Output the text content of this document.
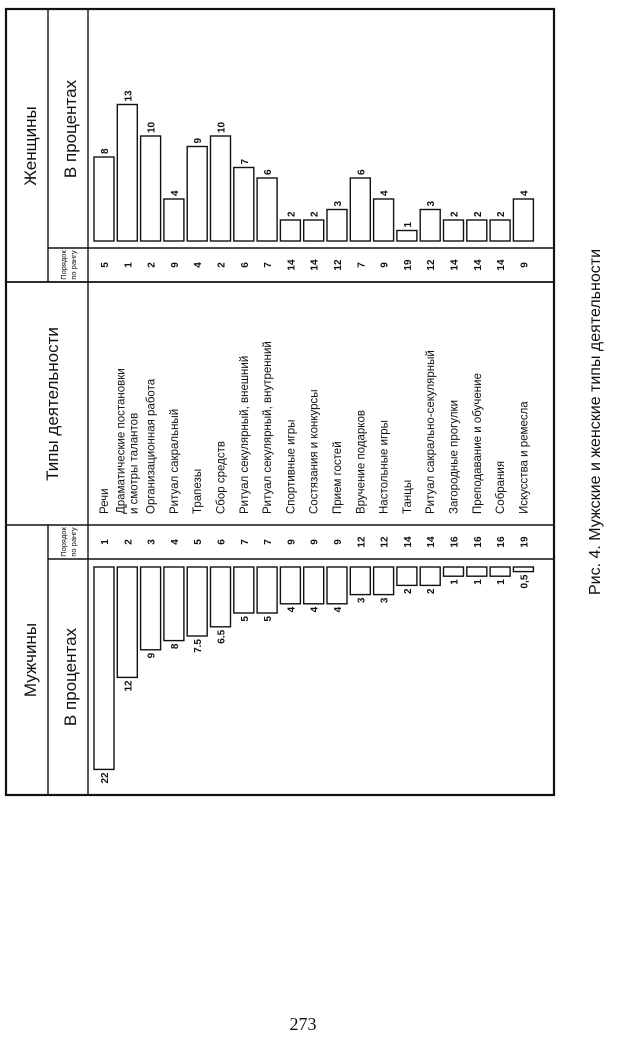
Мужчины
Женщины
Типы деятельности
В процентах
В процентах
Порядок по рангу
Порядок по рангу
22
1
Речи
5
8
12
2
Драматические постановки и смотры талантов
1
13
9
3
Организационная работа
2
10
8
4
Ритуал сакральный
9
4
7.5
5
Трапезы
4
9
6.5
6
Сбор средств
2
10
5
7
Ритуал секулярный, внешний
6
7
5
7
Ритуал секулярный, внутренний
7
6
4
9
Спортивные игры
14
2
4
9
Состязания и конкурсы
14
2
4
9
Прием гостей
12
3
3
12
Вручение подарков
7
6
3
12
Настольные игры
9
4
2
14
Танцы
19
1
2
14
Ритуал сакрально-секулярный
12
3
1
16
Загородные прогулки
14
2
1
16
Преподавание и обучение
14
2
1
16
Собрания
14
2
0,5
19
Искусства и ремесла
9
4
Рис. 4. Мужские и женские типы деятельности
273
